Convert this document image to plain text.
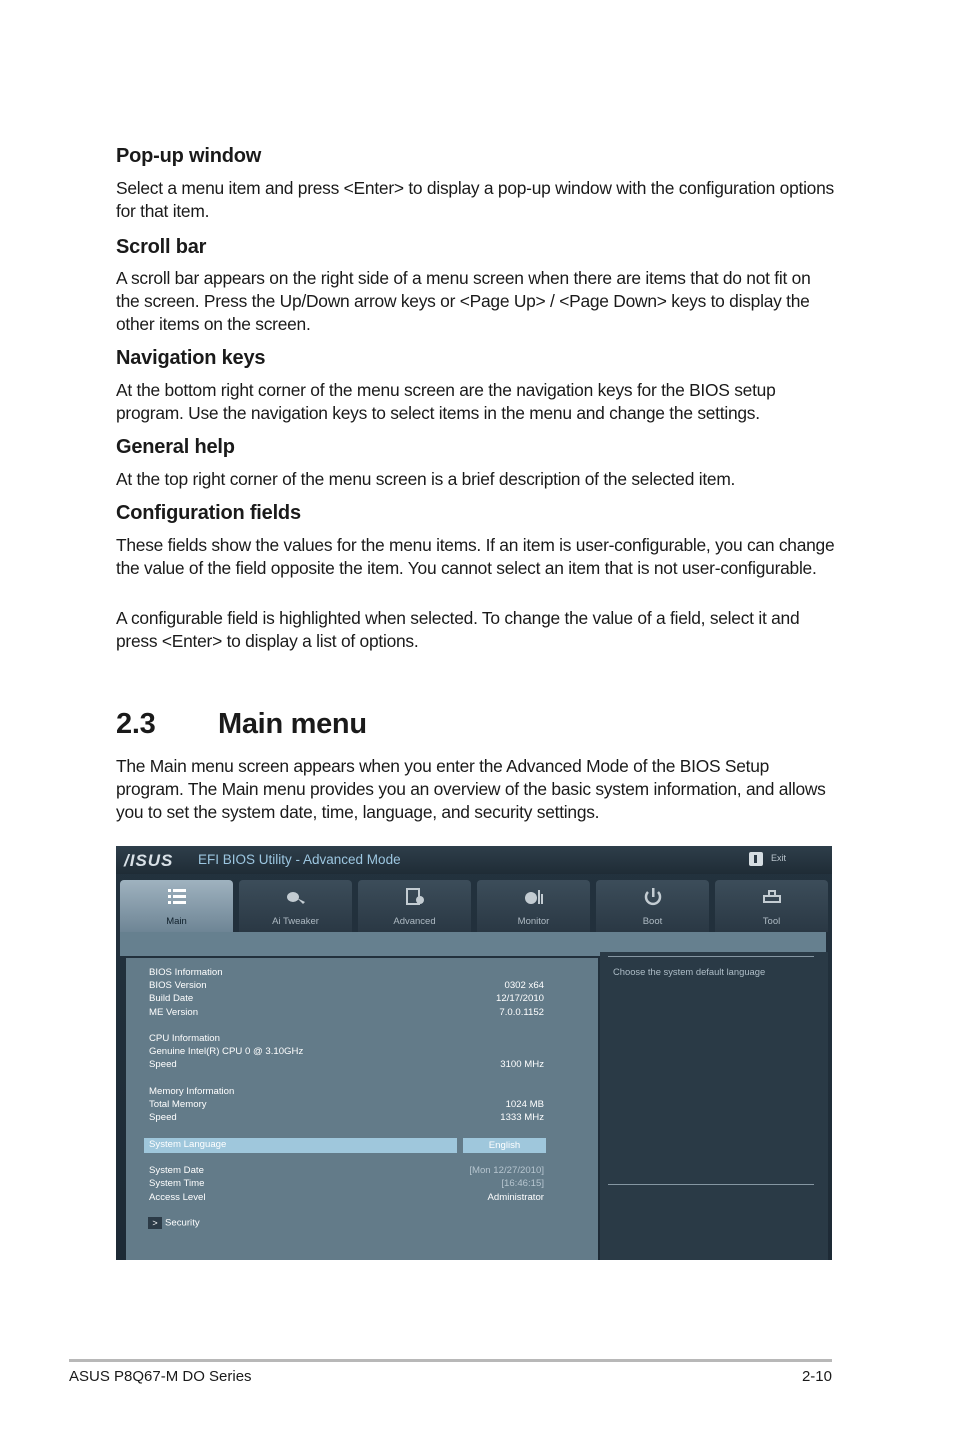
Pop-up window

Select a menu item and press <Enter> to display a pop-up window with the configuration options for that item.

Scroll bar

A scroll bar appears on the right side of a menu screen when there are items that do not fit on the screen. Press the Up/Down arrow keys or <Page Up> / <Page Down> keys to display the other items on the screen.

Navigation keys

At the bottom right corner of the menu screen are the navigation keys for the BIOS setup program. Use the navigation keys to select items in the menu and change the settings.

General help

At the top right corner of the menu screen is a brief description of the selected item.

Configuration fields

These fields show the values for the menu items. If an item is user-configurable, you can change the value of the field opposite the item. You cannot select an item that is not user-configurable.

A configurable field is highlighted when selected. To change the value of a field, select it and press <Enter> to display a list of options.

2.3 Main menu

The Main menu screen appears when you enter the Advanced Mode of the BIOS Setup program. The Main menu provides you an overview of the basic system information, and allows you to set the system date, time, language, and security settings.

/ISUS EFI BIOS Utility - Advanced Mode	Exit
Main	Ai Tweaker	Advanced	Monitor	Boot	Tool
BIOS Information
BIOS Version	0302 x64
Build Date	12/17/2010
ME Version	7.0.0.1152
CPU Information
Genuine Intel(R) CPU 0 @ 3.10GHz
Speed	3100 MHz
Memory Information
Total Memory	1024 MB
Speed	1333 MHz
System Language	English
System Date	[Mon 12/27/2010]
System Time	[16:46:15]
Access Level	Administrator
> Security
Choose the system default language
ASUS P8Q67-M DO Series	2-10
